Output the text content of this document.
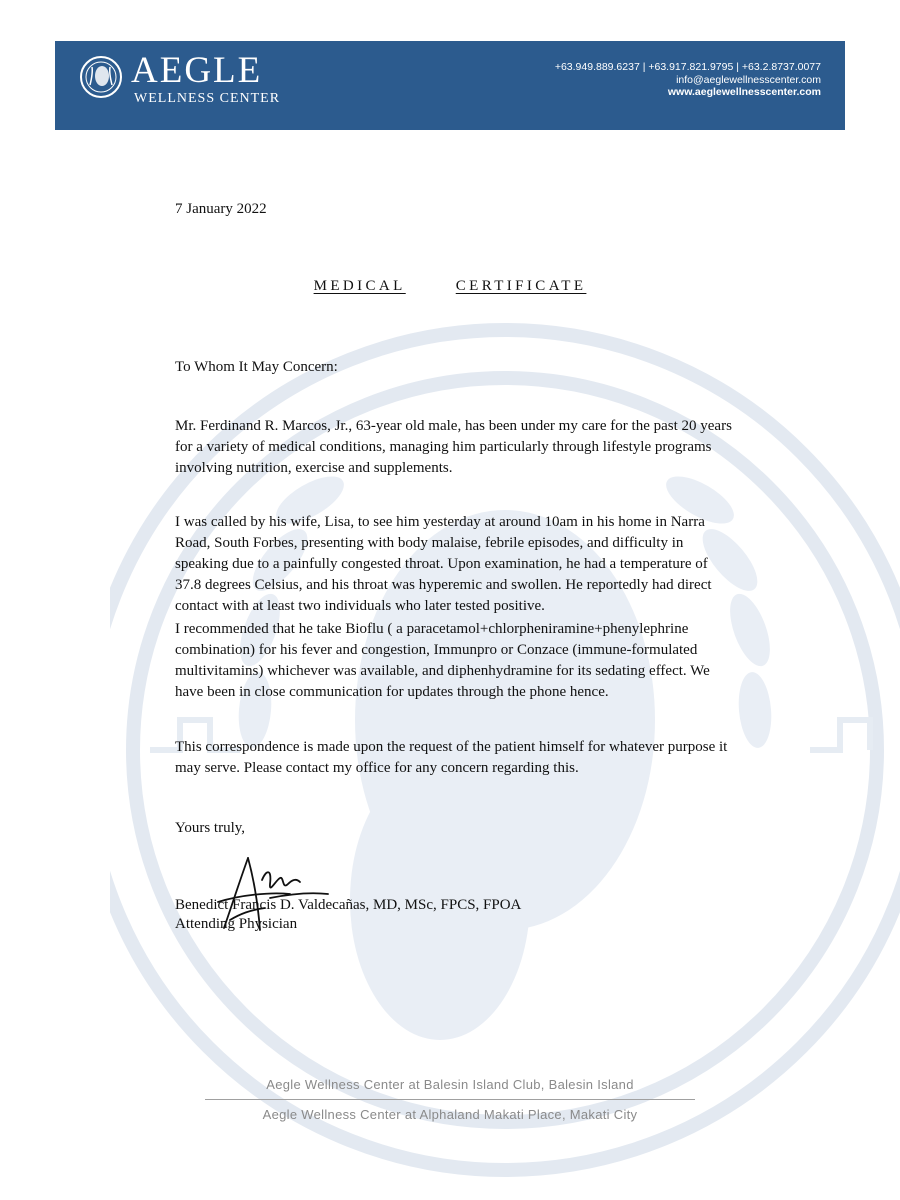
AEGLE
WELLNESS CENTER
+63.949.889.6237 | +63.917.821.9795 | +63.2.8737.0077
info@aeglewellnesscenter.com
www.aeglewellnesscenter.com
7 January 2022
MEDICAL	CERTIFICATE
To Whom It May Concern:
Mr. Ferdinand R. Marcos, Jr., 63-year old male, has been under my care for the past 20 years for a variety of medical conditions, managing him particularly through lifestyle programs involving nutrition, exercise and supplements.
I was called by his wife, Lisa, to see him yesterday at around 10am in his home in Narra Road, South Forbes, presenting with body malaise, febrile episodes, and difficulty in speaking due to a painfully congested throat. Upon examination, he had a temperature of 37.8 degrees Celsius, and his throat was hyperemic and swollen. He reportedly had direct contact with at least two individuals who later tested positive.
I recommended that he take Bioflu ( a paracetamol+chlorpheniramine+phenylephrine combination) for his fever and congestion, Immunpro or Conzace (immune-formulated multivitamins) whichever was available, and diphenhydramine for its sedating effect. We have been in close communication for updates through the phone hence.
This correspondence is made upon the request of the patient himself for whatever purpose it may serve. Please contact my office for any concern regarding this.
Yours truly,
Benedict Francis D. Valdecañas, MD, MSc, FPCS, FPOA
Attending Physician
Aegle Wellness Center at Balesin Island Club, Balesin Island
Aegle Wellness Center at Alphaland Makati Place, Makati City
